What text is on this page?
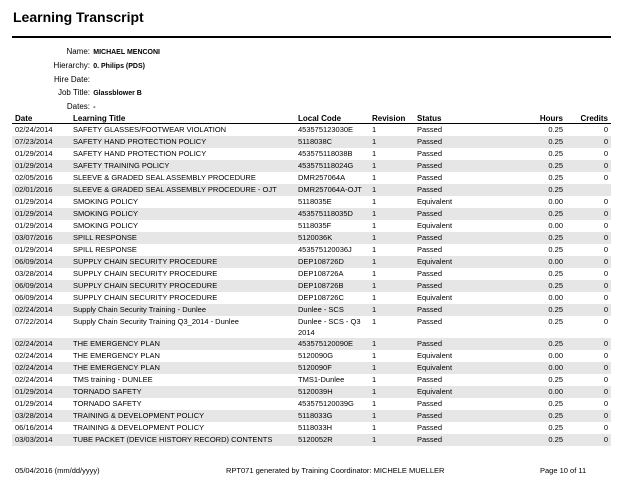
Learning Transcript
Name: MICHAEL MENCONI
Hierarchy: 0. Philips (PDS)
Hire Date:
Job Title: Glassblower B
Dates: -
Date	Learning Title	Local Code	Revision	Status	Hours	Credits
02/24/2014	SAFETY GLASSES/FOOTWEAR VIOLATION	453575123030E	1	Passed	0.25	0
07/23/2014	SAFETY HAND PROTECTION POLICY	5118038C	1	Passed	0.25	0
01/29/2014	SAFETY HAND PROTECTION POLICY	453575118038B	1	Passed	0.25	0
01/29/2014	SAFETY TRAINING POLICY	453575118024G	1	Passed	0.25	0
02/05/2016	SLEEVE & GRADED SEAL ASSEMBLY PROCEDURE	DMR257064A	1	Passed	0.25	0
02/01/2016	SLEEVE & GRADED SEAL ASSEMBLY PROCEDURE - OJT	DMR257064A-OJT	1	Passed	0.25	
01/29/2014	SMOKING POLICY	5118035E	1	Equivalent	0.00	0
01/29/2014	SMOKING POLICY	453575118035D	1	Passed	0.25	0
01/29/2014	SMOKING POLICY	5118035F	1	Equivalent	0.00	0
03/07/2016	SPILL RESPONSE	5120036K	1	Passed	0.25	0
01/29/2014	SPILL RESPONSE	453575120036J	1	Passed	0.25	0
06/09/2014	SUPPLY CHAIN SECURITY PROCEDURE	DEP108726D	1	Equivalent	0.00	0
03/28/2014	SUPPLY CHAIN SECURITY PROCEDURE	DEP108726A	1	Passed	0.25	0
06/09/2014	SUPPLY CHAIN SECURITY PROCEDURE	DEP108726B	1	Passed	0.25	0
06/09/2014	SUPPLY CHAIN SECURITY PROCEDURE	DEP108726C	1	Equivalent	0.00	0
02/24/2014	Supply Chain Security Training - Dunlee	Dunlee - SCS	1	Passed	0.25	0
07/22/2014	Supply Chain Security Training Q3_2014 - Dunlee	Dunlee - SCS - Q3 2014	1	Passed	0.25	0
02/24/2014	THE EMERGENCY PLAN	453575120090E	1	Passed	0.25	0
02/24/2014	THE EMERGENCY PLAN	5120090G	1	Equivalent	0.00	0
02/24/2014	THE EMERGENCY PLAN	5120090F	1	Equivalent	0.00	0
02/24/2014	TMS training - DUNLEE	TMS1-Dunlee	1	Passed	0.25	0
01/29/2014	TORNADO SAFETY	5120039H	1	Equivalent	0.00	0
01/29/2014	TORNADO SAFETY	453575120039G	1	Passed	0.25	0
03/28/2014	TRAINING & DEVELOPMENT POLICY	5118033G	1	Passed	0.25	0
06/16/2014	TRAINING & DEVELOPMENT POLICY	5118033H	1	Passed	0.25	0
03/03/2014	TUBE PACKET (DEVICE HISTORY RECORD) CONTENTS	5120052R	1	Passed	0.25	0
05/04/2016 (mm/dd/yyyy)	RPT071 generated by Training Coordinator: MICHELE MUELLER	Page 10 of 11
